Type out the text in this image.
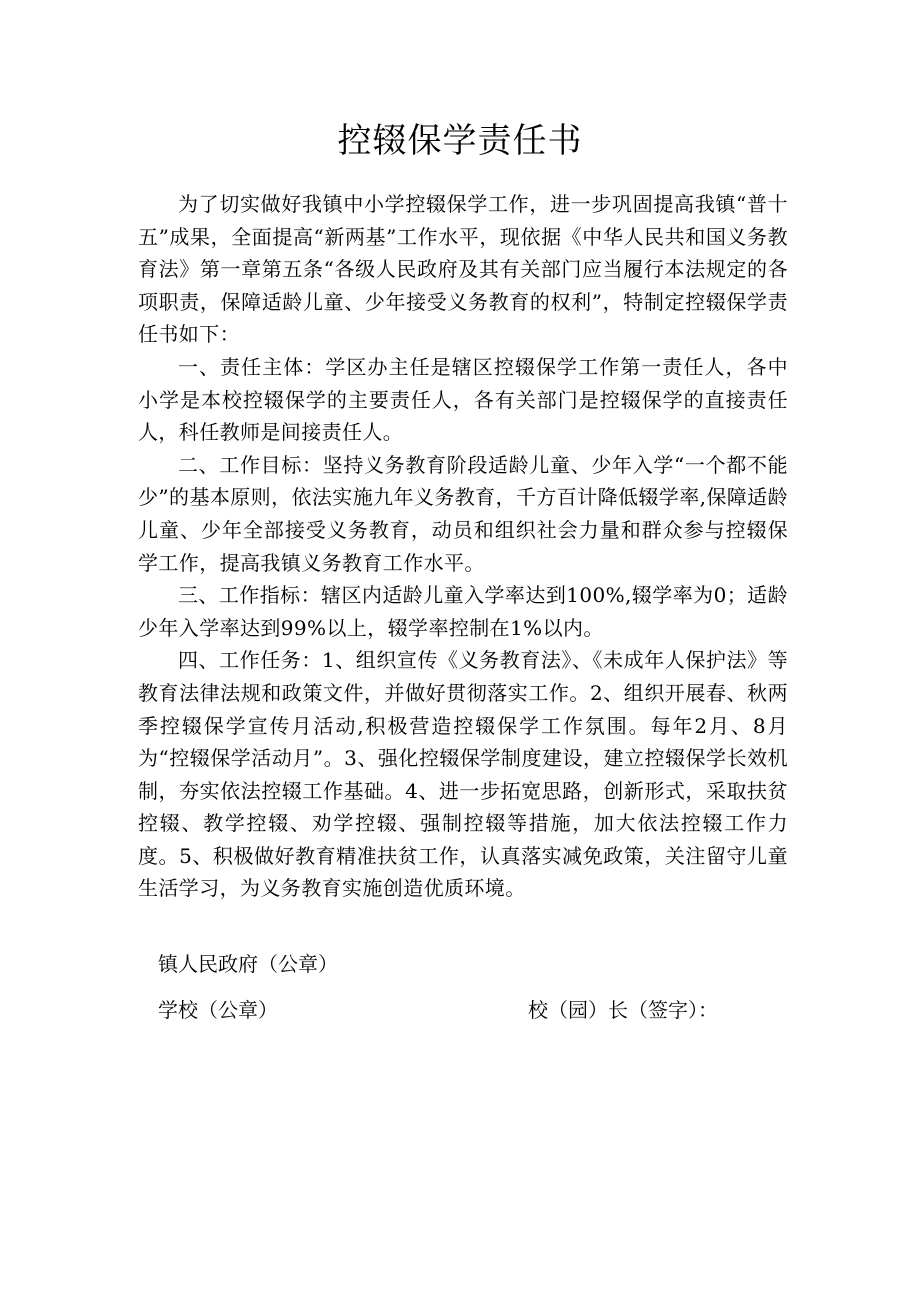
控辍保学责任书

为了切实做好我镇中小学控辍保学工作，进一步巩固提高我镇“普十五”成果，全面提高“新两基”工作水平，现依据《中华人民共和国义务教育法》第一章第五条“各级人民政府及其有关部门应当履行本法规定的各项职责，保障适龄儿童、少年接受义务教育的权利”，特制定控辍保学责任书如下：

一、责任主体：学区办主任是辖区控辍保学工作第一责任人，各中小学是本校控辍保学的主要责任人，各有关部门是控辍保学的直接责任人，科任教师是间接责任人。

二、工作目标：坚持义务教育阶段适龄儿童、少年入学“一个都不能少”的基本原则，依法实施九年义务教育，千方百计降低辍学率,保障适龄儿童、少年全部接受义务教育，动员和组织社会力量和群众参与控辍保学工作，提高我镇义务教育工作水平。

三、工作指标：辖区内适龄儿童入学率达到100%,辍学率为0；适龄少年入学率达到99%以上，辍学率控制在1%以内。

四、工作任务：1、组织宣传《义务教育法》、《未成年人保护法》等教育法律法规和政策文件，并做好贯彻落实工作。2、组织开展春、秋两季控辍保学宣传月活动,积极营造控辍保学工作氛围。每年2月、8月为“控辍保学活动月”。3、强化控辍保学制度建设，建立控辍保学长效机制，夯实依法控辍工作基础。4、进一步拓宽思路，创新形式，采取扶贫控辍、教学控辍、劝学控辍、强制控辍等措施，加大依法控辍工作力度。5、积极做好教育精准扶贫工作，认真落实减免政策，关注留守儿童生活学习，为义务教育实施创造优质环境。

镇人民政府（公章）

学校（公章）	校（园）长（签字）：
